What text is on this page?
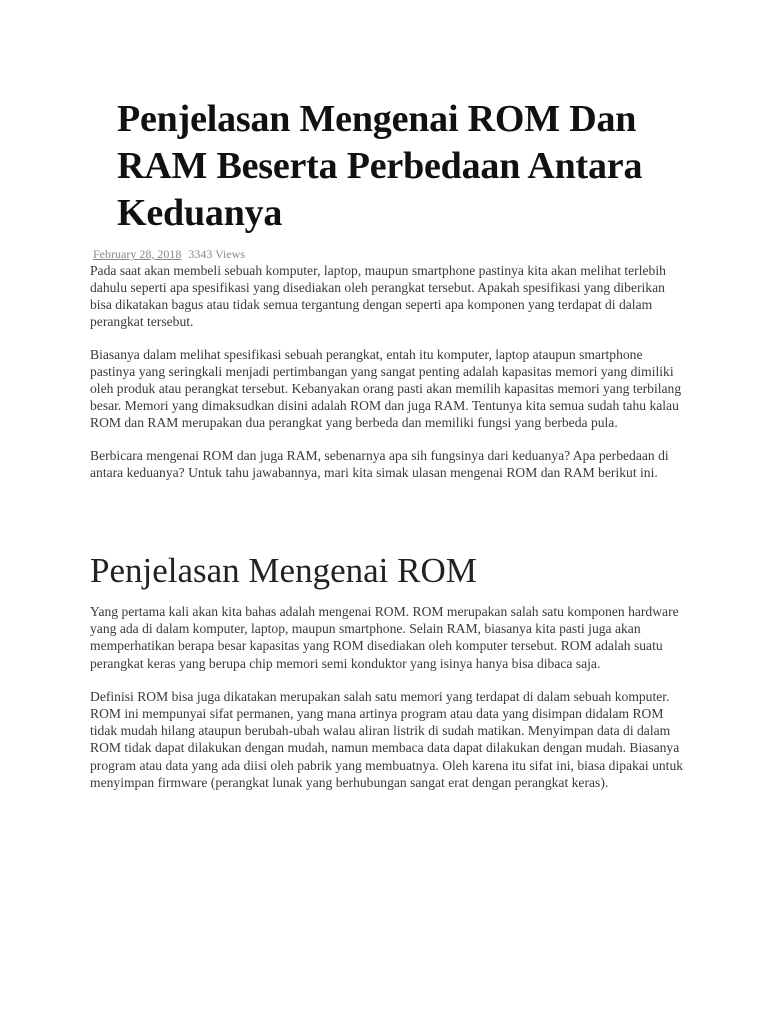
Penjelasan Mengenai ROM Dan RAM Beserta Perbedaan Antara Keduanya
February 28, 2018 3343 Views

Pada saat akan membeli sebuah komputer, laptop, maupun smartphone pastinya kita akan melihat terlebih dahulu seperti apa spesifikasi yang disediakan oleh perangkat tersebut. Apakah spesifikasi yang diberikan bisa dikatakan bagus atau tidak semua tergantung dengan seperti apa komponen yang terdapat di dalam perangkat tersebut.

Biasanya dalam melihat spesifikasi sebuah perangkat, entah itu komputer, laptop ataupun smartphone pastinya yang seringkali menjadi pertimbangan yang sangat penting adalah kapasitas memori yang dimiliki oleh produk atau perangkat tersebut. Kebanyakan orang pasti akan memilih kapasitas memori yang terbilang besar. Memori yang dimaksudkan disini adalah ROM dan juga RAM. Tentunya kita semua sudah tahu kalau ROM dan RAM merupakan dua perangkat yang berbeda dan memiliki fungsi yang berbeda pula.

Berbicara mengenai ROM dan juga RAM, sebenarnya apa sih fungsinya dari keduanya? Apa perbedaan di antara keduanya? Untuk tahu jawabannya, mari kita simak ulasan mengenai ROM dan RAM berikut ini.

Penjelasan Mengenai ROM

Yang pertama kali akan kita bahas adalah mengenai ROM. ROM merupakan salah satu komponen hardware yang ada di dalam komputer, laptop, maupun smartphone. Selain RAM, biasanya kita pasti juga akan memperhatikan berapa besar kapasitas yang ROM disediakan oleh komputer tersebut. ROM adalah suatu perangkat keras yang berupa chip memori semi konduktor yang isinya hanya bisa dibaca saja.

Definisi ROM bisa juga dikatakan merupakan salah satu memori yang terdapat di dalam sebuah komputer. ROM ini mempunyai sifat permanen, yang mana artinya program atau data yang disimpan didalam ROM tidak mudah hilang ataupun berubah-ubah walau aliran listrik di sudah matikan. Menyimpan data di dalam ROM tidak dapat dilakukan dengan mudah, namun membaca data dapat dilakukan dengan mudah. Biasanya program atau data yang ada diisi oleh pabrik yang membuatnya. Oleh karena itu sifat ini, biasa dipakai untuk menyimpan firmware (perangkat lunak yang berhubungan sangat erat dengan perangkat keras).
